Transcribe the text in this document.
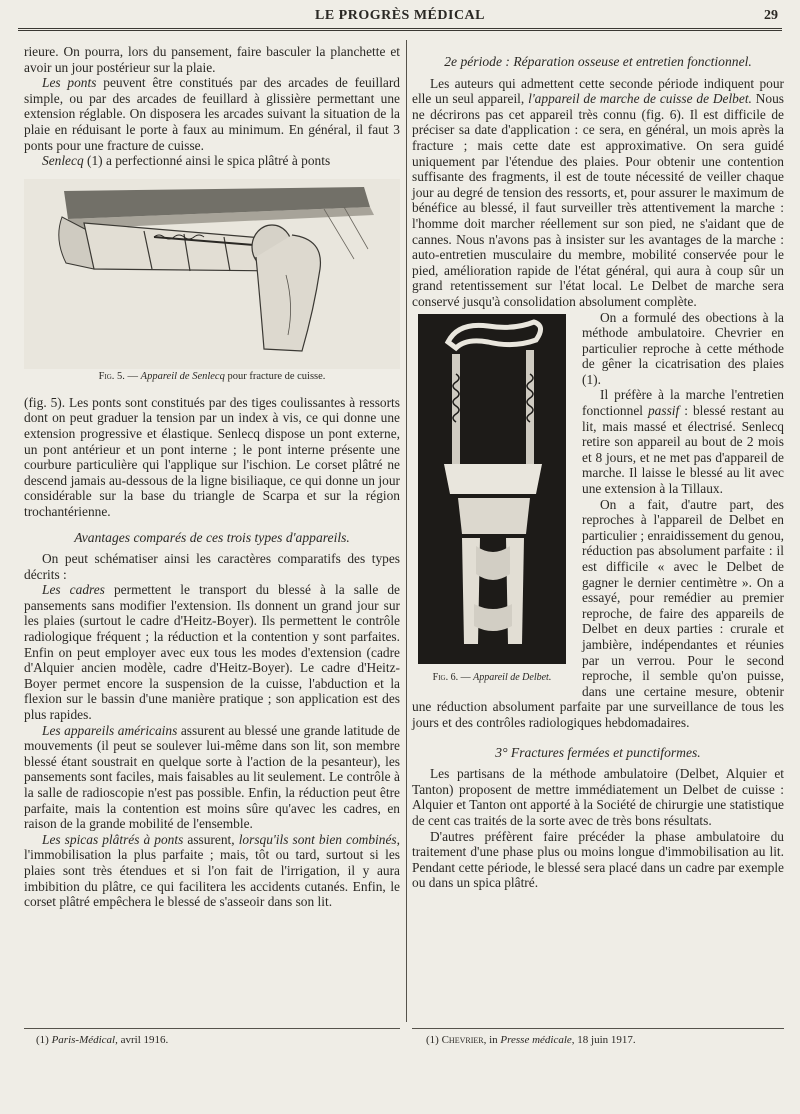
LE PROGRÈS MÉDICAL	29

rieure. On pourra, lors du pansement, faire basculer la planchette et avoir un jour postérieur sur la plaie.

Les ponts peuvent être constitués par des arcades de feuillard simple, ou par des arcades de feuillard à glissière permettant une extension réglable. On disposera les arcades suivant la situation de la plaie en réduisant le porte à faux au minimum. En général, il faut 3 ponts pour une fracture de cuisse.

Senlecq (1) a perfectionné ainsi le spica plâtré à ponts

Fig. 5. — Appareil de Senlecq pour fracture de cuisse.

(fig. 5). Les ponts sont constitués par des tiges coulissantes à ressorts dont on peut graduer la tension par un index à vis, ce qui donne une extension progressive et élastique. Senlecq dispose un pont externe, un pont antérieur et un pont interne ; le pont interne présente une courbure particulière qui l'applique sur l'ischion. Le corset plâtré ne descend jamais au-dessous de la ligne bisiliaque, ce qui donne un jour considérable sur la base du triangle de Scarpa et sur la région trochantérienne.

Avantages comparés de ces trois types d'appareils.

On peut schématiser ainsi les caractères comparatifs des types décrits :

Les cadres permettent le transport du blessé à la salle de pansements sans modifier l'extension. Ils donnent un grand jour sur les plaies (surtout le cadre d'Heitz-Boyer). Ils permettent le contrôle radiologique fréquent ; la réduction et la contention y sont parfaites. Enfin on peut employer avec eux tous les modes d'extension (cadre d'Alquier ancien modèle, cadre d'Heitz-Boyer). Le cadre d'Heitz-Boyer permet encore la suspension de la cuisse, l'abduction et la flexion sur le bassin d'une manière pratique ; son application est des plus rapides.

Les appareils américains assurent au blessé une grande latitude de mouvements (il peut se soulever lui-même dans son lit, son membre blessé étant soustrait en quelque sorte à l'action de la pesanteur), les pansements sont faciles, mais faisables au lit seulement. Le contrôle à la salle de radioscopie n'est pas possible. Enfin, la réduction peut être parfaite, mais la contention est moins sûre qu'avec les cadres, en raison de la grande mobilité de l'ensemble.

Les spicas plâtrés à ponts assurent, lorsqu'ils sont bien combinés, l'immobilisation la plus parfaite ; mais, tôt ou tard, surtout si les plaies sont très étendues et si l'on fait de l'irrigation, il y aura imbibition du plâtre, ce qui facilitera les accidents cutanés. Enfin, le corset plâtré empêchera le blessé de s'asseoir dans son lit.

2e période : Réparation osseuse et entretien fonctionnel.

Les auteurs qui admettent cette seconde période indiquent pour elle un seul appareil, l'appareil de marche de cuisse de Delbet. Nous ne décrirons pas cet appareil très connu (fig. 6). Il est difficile de préciser sa date d'application : ce sera, en général, un mois après la fracture ; mais cette date est approximative. On sera guidé uniquement par l'étendue des plaies. Pour obtenir une contention suffisante des fragments, il est de toute nécessité de veiller chaque jour au degré de tension des ressorts, et, pour assurer le maximum de bénéfice au blessé, il faut surveiller très attentivement la marche : l'homme doit marcher réellement sur son pied, ne s'aidant que de cannes. Nous n'avons pas à insister sur les avantages de la marche : auto-entretien musculaire du membre, mobilité conservée pour le pied, amélioration rapide de l'état général, qui aura à coup sûr un grand retentissement sur l'état local. Le Delbet de marche sera conservé jusqu'à consolidation absolument complète.

Fig. 6. — Appareil de Delbet.

On a formulé des obections à la méthode ambulatoire. Chevrier en particulier reproche à cette méthode de gêner la cicatrisation des plaies (1).

Il préfère à la marche l'entretien fonctionnel passif : blessé restant au lit, mais massé et électrisé. Senlecq retire son appareil au bout de 2 mois et 8 jours, et ne met pas d'appareil de marche. Il laisse le blessé au lit avec une extension à la Tillaux.

On a fait, d'autre part, des reproches à l'appareil de Delbet en particulier ; enraidissement du genou, réduction pas absolument parfaite : il est difficile « avec le Delbet de gagner le dernier centimètre ». On a essayé, pour remédier au premier reproche, de faire des appareils de Delbet en deux parties : crurale et jambière, indépendantes et réunies par un verrou. Pour le second reproche, il semble qu'on puisse, dans une certaine mesure, obtenir une réduction absolument parfaite par une surveillance de tous les jours et des contrôles radiologiques hebdomadaires.

3° Fractures fermées et punctiformes.

Les partisans de la méthode ambulatoire (Delbet, Alquier et Tanton) proposent de mettre immédiatement un Delbet de cuisse : Alquier et Tanton ont apporté à la Société de chirurgie une statistique de cent cas traités de la sorte avec de très bons résultats.

D'autres préfèrent faire précéder la phase ambulatoire du traitement d'une phase plus ou moins longue d'immobilisation au lit. Pendant cette période, le blessé sera placé dans un cadre par exemple ou dans un spica plâtré.

(1) Paris-Médical, avril 1916.	(1) Chevrier, in Presse médicale, 18 juin 1917.
